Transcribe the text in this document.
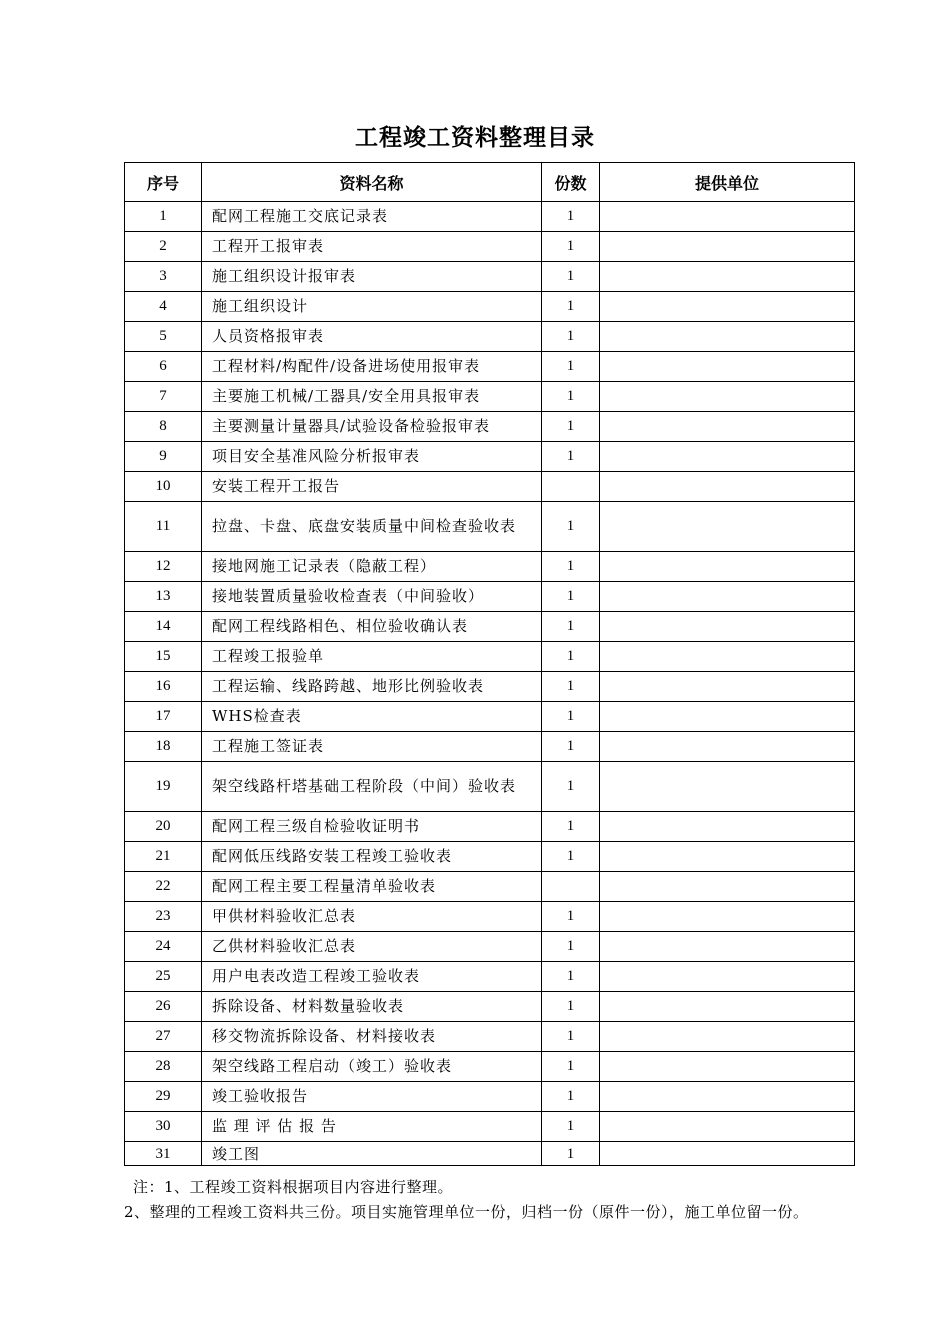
工程竣工资料整理目录
序号	资料名称	份数	提供单位
1	配网工程施工交底记录表	1	
2	工程开工报审表	1	
3	施工组织设计报审表	1	
4	施工组织设计	1	
5	人员资格报审表	1	
6	工程材料/构配件/设备进场使用报审表	1	
7	主要施工机械/工器具/安全用具报审表	1	
8	主要测量计量器具/试验设备检验报审表	1	
9	项目安全基准风险分析报审表	1	
10	安装工程开工报告		
11	拉盘、卡盘、底盘安装质量中间检查验收表	1	
12	接地网施工记录表（隐蔽工程）	1	
13	接地装置质量验收检查表（中间验收）	1	
14	配网工程线路相色、相位验收确认表	1	
15	工程竣工报验单	1	
16	工程运输、线路跨越、地形比例验收表	1	
17	WHS检查表	1	
18	工程施工签证表	1	
19	架空线路杆塔基础工程阶段（中间）验收表	1	
20	配网工程三级自检验收证明书	1	
21	配网低压线路安装工程竣工验收表	1	
22	配网工程主要工程量清单验收表		
23	甲供材料验收汇总表	1	
24	乙供材料验收汇总表	1	
25	用户电表改造工程竣工验收表	1	
26	拆除设备、材料数量验收表	1	
27	移交物流拆除设备、材料接收表	1	
28	架空线路工程启动（竣工）验收表	1	
29	竣工验收报告	1	
30	监 理 评 估 报 告	1	
31	竣工图	1	
注：1、工程竣工资料根据项目内容进行整理。
2、整理的工程竣工资料共三份。项目实施管理单位一份，归档一份（原件一份），施工单位留一份。
